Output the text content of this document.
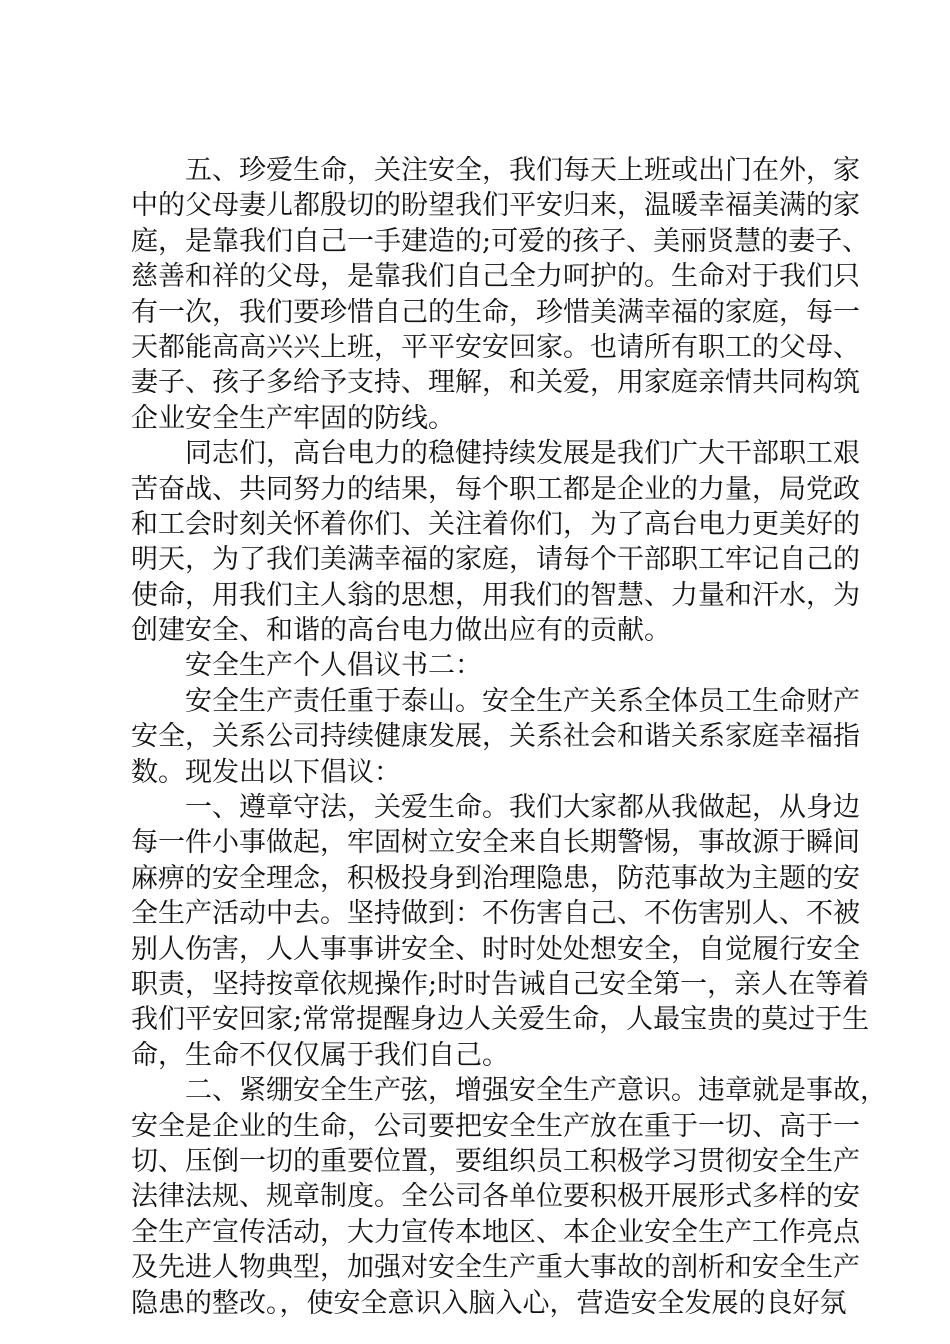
五、珍爱生命，关注安全，我们每天上班或出门在外，家
中的父母妻儿都殷切的盼望我们平安归来，温暖幸福美满的家
庭，是靠我们自己一手建造的;可爱的孩子、美丽贤慧的妻子、
慈善和祥的父母，是靠我们自己全力呵护的。生命对于我们只
有一次，我们要珍惜自己的生命，珍惜美满幸福的家庭，每一
天都能高高兴兴上班，平平安安回家。也请所有职工的父母、
妻子、孩子多给予支持、理解，和关爱，用家庭亲情共同构筑
企业安全生产牢固的防线。
同志们，高台电力的稳健持续发展是我们广大干部职工艰
苦奋战、共同努力的结果，每个职工都是企业的力量，局党政
和工会时刻关怀着你们、关注着你们，为了高台电力更美好的
明天，为了我们美满幸福的家庭，请每个干部职工牢记自己的
使命，用我们主人翁的思想，用我们的智慧、力量和汗水，为
创建安全、和谐的高台电力做出应有的贡献。
安全生产个人倡议书二：
安全生产责任重于泰山。安全生产关系全体员工生命财产
安全，关系公司持续健康发展，关系社会和谐关系家庭幸福指
数。现发出以下倡议：
一、遵章守法，关爱生命。我们大家都从我做起，从身边
每一件小事做起，牢固树立安全来自长期警惕，事故源于瞬间
麻痹的安全理念，积极投身到治理隐患，防范事故为主题的安
全生产活动中去。坚持做到：不伤害自己、不伤害别人、不被
别人伤害，人人事事讲安全、时时处处想安全，自觉履行安全
职责，坚持按章依规操作;时时告诫自己安全第一，亲人在等着
我们平安回家;常常提醒身边人关爱生命，人最宝贵的莫过于生
命，生命不仅仅属于我们自己。
二、紧绷安全生产弦，增强安全生产意识。违章就是事故，
安全是企业的生命，公司要把安全生产放在重于一切、高于一
切、压倒一切的重要位置，要组织员工积极学习贯彻安全生产
法律法规、规章制度。全公司各单位要积极开展形式多样的安
全生产宣传活动，大力宣传本地区、本企业安全生产工作亮点
及先进人物典型，加强对安全生产重大事故的剖析和安全生产
隐患的整改。，使安全意识入脑入心，营造安全发展的良好氛
